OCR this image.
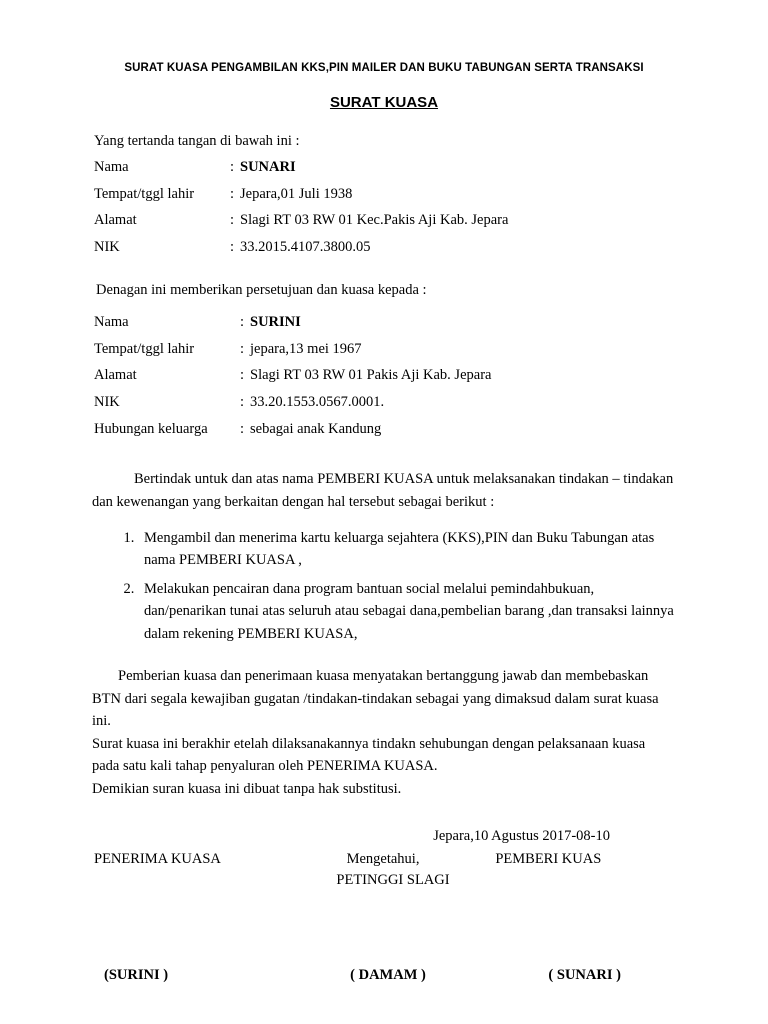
SURAT KUASA PENGAMBILAN KKS,PIN MAILER DAN BUKU TABUNGAN SERTA TRANSAKSI
SURAT KUASA
Yang tertanda tangan di bawah ini :
Nama	:	SUNARI
Tempat/tggl lahir	:	Jepara,01 Juli 1938
Alamat	:	Slagi RT 03 RW 01 Kec.Pakis Aji Kab. Jepara
NIK	:	33.2015.4107.3800.05
Denagan ini memberikan persetujuan dan kuasa kepada :
Nama	:	SURINI
Tempat/tggl lahir	:	jepara,13 mei 1967
Alamat	:	Slagi RT 03 RW 01 Pakis Aji Kab. Jepara
NIK	:	33.20.1553.0567.0001.
Hubungan keluarga	:	sebagai anak Kandung
Bertindak untuk dan atas nama PEMBERI KUASA untuk melaksanakan tindakan – tindakan dan kewenangan yang berkaitan dengan hal tersebut sebagai berikut :
1. Mengambil dan menerima kartu keluarga sejahtera (KKS),PIN dan Buku Tabungan atas nama PEMBERI KUASA ,
2. Melakukan pencairan dana program bantuan social melalui pemindahbukuan, dan/penarikan tunai atas seluruh atau sebagai dana,pembelian barang ,dan transaksi lainnya dalam rekening PEMBERI KUASA,
Pemberian kuasa dan penerimaan kuasa menyatakan bertanggung jawab dan membebaskan BTN dari segala kewajiban gugatan /tindakan-tindakan sebagai yang dimaksud dalam surat kuasa ini.
Surat kuasa ini berakhir etelah dilaksanakannya tindakn sehubungan dengan pelaksanaan kuasa pada satu kali tahap penyaluran oleh PENERIMA KUASA.
Demikian suran kuasa ini dibuat tanpa hak substitusi.
Jepara,10 Agustus 2017-08-10
PENERIMA KUASA	Mengetahui,	PEMBERI KUAS
PETINGGI SLAGI
(SURINI )	( DAMAM )	( SUNARI )
